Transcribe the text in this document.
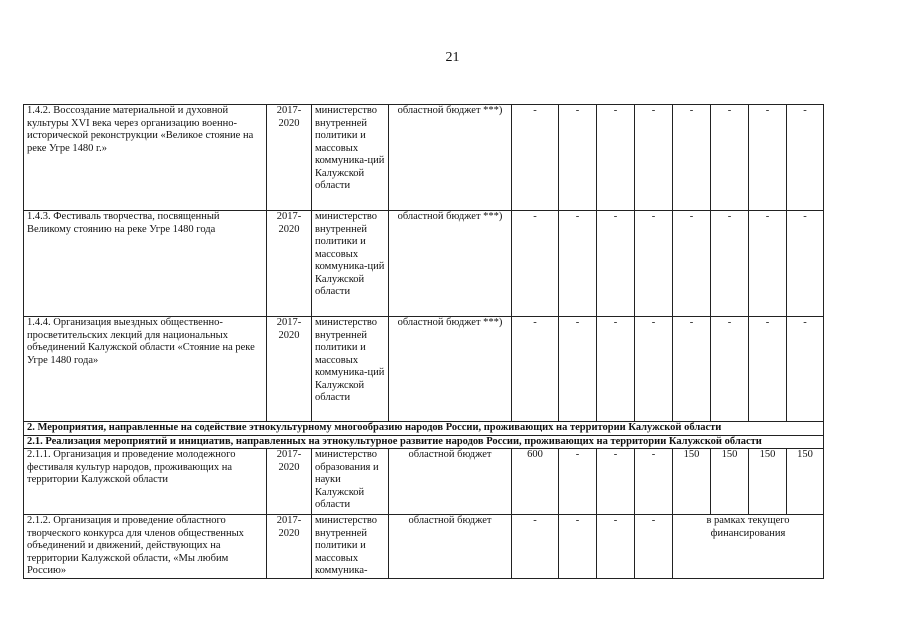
21
1.4.2. Воссоздание материальной и духовной культуры XVI века через организацию военно-исторической реконструкции «Великое стояние на реке Угре 1480 г.»	2017-2020	министерство внутренней политики и массовых коммуника-ций Калужской области	областной бюджет ***)	-	-	-	-	-	-	-	-
1.4.3. Фестиваль творчества, посвященный Великому стоянию на реке Угре 1480 года	2017-2020	министерство внутренней политики и массовых коммуника-ций Калужской области	областной бюджет ***)	-	-	-	-	-	-	-	-
1.4.4. Организация выездных общественно-просветительских лекций для национальных объединений Калужской области «Стояние на реке Угре 1480 года»	2017-2020	министерство внутренней политики и массовых коммуника-ций Калужской области	областной бюджет ***)	-	-	-	-	-	-	-	-
2. Мероприятия, направленные на содействие этнокультурному многообразию народов России, проживающих на территории Калужской области											
2.1. Реализация мероприятий и инициатив, направленных на этнокультурное развитие народов России, проживающих на территории Калужской области											
2.1.1. Организация и проведение молодежного фестиваля культур народов, проживающих на территории Калужской области	2017-2020	министерство образования и науки Калужской области	областной бюджет	600	-	-	-	150	150	150	150
2.1.2. Организация и проведение областного творческого конкурса для членов общественных объединений и движений, действующих на территории Калужской области, «Мы любим Россию»	2017-2020	министерство внутренней политики и массовых коммуника-	областной бюджет	-	-	-	-	в рамках текущего финансирования			
